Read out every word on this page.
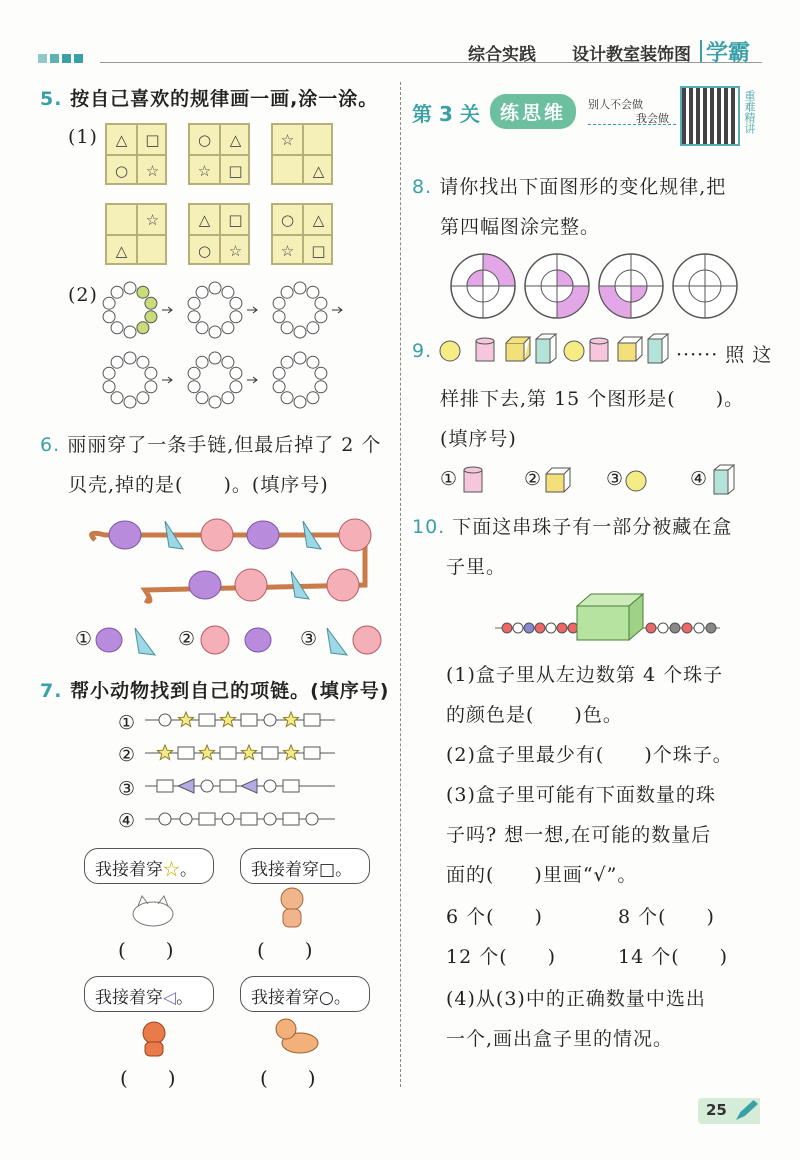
综合实践 设计教室装饰图 学霸
5. 按自己喜欢的规律画一画,涂一涂。
(1)	△	□
○	☆
○	△
☆	□
☆
△
☆
△
△	□
○	☆
○	△
☆	□
(2)
6. 丽丽穿了一条手链,但最后掉了 2 个
贝壳,掉的是(　　)。(填序号)
①	②	③
7. 帮小动物找到自己的项链。(填序号)
①
②
③
④
我接着穿☆。	我接着穿□。
(　　)	(　　)
我接着穿◁。	我接着穿○。
(　　)	(　　)
第 3 关	练思维	别人不会做
我会做	重难精讲
8. 请你找出下面图形的变化规律,把
第四幅图涂完整。
9.	······ 照 这
样排下去,第 15 个图形是(　　)。
(填序号)
①	②	③	④
10. 下面这串珠子有一部分被藏在盒
子里。
(1)盒子里从左边数第 4 个珠子
的颜色是(　　)色。
(2)盒子里最少有(　　)个珠子。
(3)盒子里可能有下面数量的珠
子吗? 想一想,在可能的数量后
面的(　　)里画“√”。
6 个(　　)	8 个(　　)
12 个(　　)	14 个(　　)
(4)从(3)中的正确数量中选出
一个,画出盒子里的情况。
25
